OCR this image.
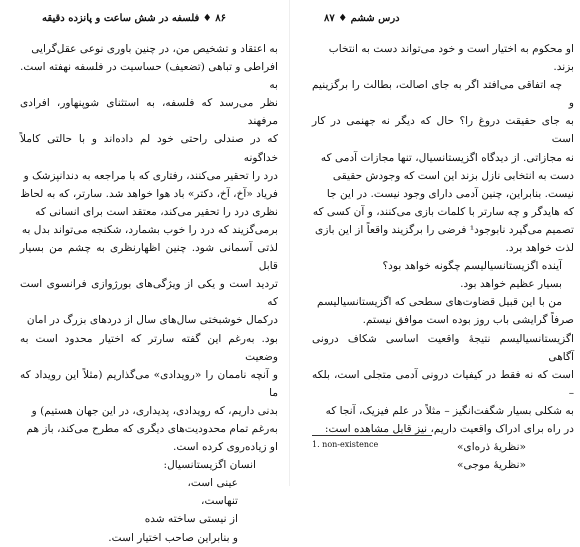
۸۶ ♦ فلسفه در شش ساعت و پانزده دقیقه

به اعتقاد و تشخیص من، در چنین باوری نوعی عقل‌گرایی

افراطی و تباهی (تضعیف) حساسیت در فلسفه نهفته است. به

نظر می‌رسد که فلسفه، به استثنای شوپنهاور، افرادی مرفهند

که در صندلی راحتی خود لم داده‌اند و با حالتی کاملاً خداگونه

درد را تحقیر می‌کنند، رفتاری که با مراجعه به دندانپزشک و

فریاد «آخ، آخ، دکتر» باد هوا خواهد شد. سارتر، که به لحاظ

نظری درد را تحقیر می‌کند، معتقد است برای انسانی که

برمی‌گزیند که درد را خوب بشمارد، شکنجه می‌تواند بدل به

لذتی آسمانی شود. چنین اظهارنظری به چشم من بسیار قابل

تردید است و یکی از ویژگی‌های بورژوازی فرانسوی است که

درکمال خوشبختی سال‌های سال از دردهای بزرگ در امان

بود. به‌رغم این گفته سارتر که اختیار محدود است به وضعیت

و آنچه ناممان را «رویدادی» می‌گذاریم (مثلاً این رویداد که ما

بدنی داریم، که رویدادی، پدیداری، در این جهان هستیم) و

به‌رغم تمام محدودیت‌های دیگری که مطرح می‌کند، باز هم

او زیاده‌روی کرده است.

انسان اگزیستانسیال:

عینی است،

تنهاست،

از نیستی ساخته شده

و بنابراین صاحب اختیار است.

درس ششم ♦ ۸۷

او محکوم به اختیار است و خود می‌تواند دست به انتخاب

بزند.

چه اتفاقی می‌افتد اگر به جای اصالت، بطالت را برگزینیم و

به جای حقیقت دروغ را؟ حال که دیگر نه جهنمی در کار است

نه مجازاتی. از دیدگاه اگزیستانسیال، تنها مجازات آدمی که

دست به انتخابی نازل بزند این است که وجودش حقیقی

نیست. بنابراین، چنین آدمی دارای وجود نیست. در این جا

که هایدگر و چه سارتر با کلمات بازی می‌کنند، و آن کسی که

تصمیم می‌گیرد نابوجود¹ فرضی را برگزیند واقعاً از این بازی

لذت خواهد برد.

آینده اگزیستانسیالیسم چگونه خواهد بود؟

بسیار عظیم خواهد بود.

من با این قبیل قضاوت‌های سطحی که اگزیستانسیالیسم

صرفاً گرایشی باب روز بوده است موافق نیستم.

اگزیستانسیالیسم نتیجهٔ واقعیت اساسی شکاف درونی آگاهی

است که نه فقط در کیفیات درونی آدمی متجلی است، بلکه –

به شکلی بسیار شگفت‌انگیز – مثلاً در علم فیزیک، آنجا که

در راه برای ادراک واقعیت داریم، نیز قابل مشاهده است:

«نظریهٔ ذره‌ای»

«نظریهٔ موجی»

1. non-existence
